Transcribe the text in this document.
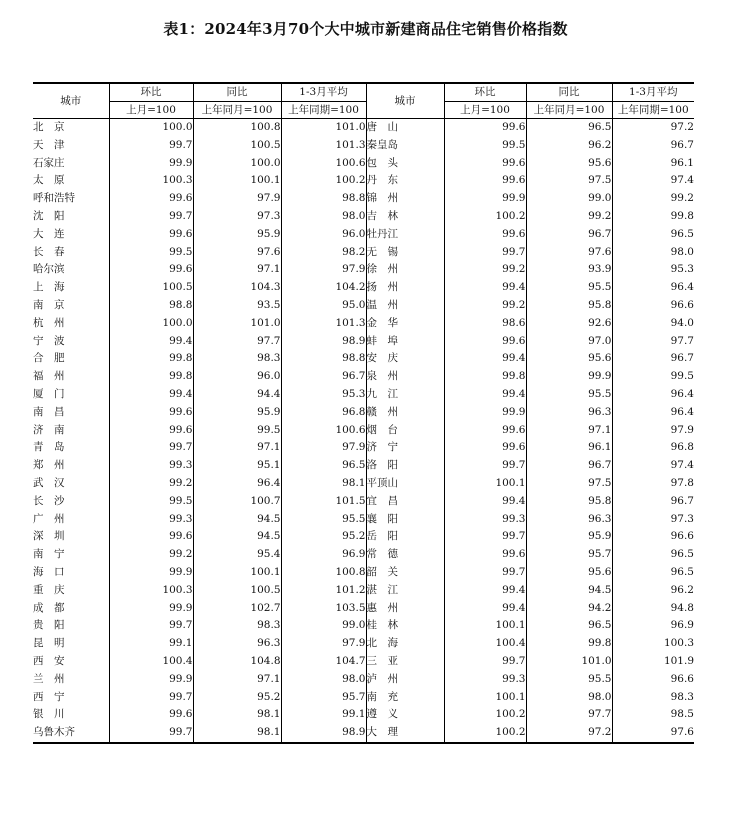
表1：2024年3月70个大中城市新建商品住宅销售价格指数
城市	环比	同比	1-3月平均	城市	环比	同比	1-3月平均
	上月=100	上年同月=100	上年同期=100		上月=100	上年同月=100	上年同期=100
北　京	100.0	100.8	101.0	唐　山	99.6	96.5	97.2
天　津	99.7	100.5	101.3	秦皇岛	99.5	96.2	96.7
石家庄	99.9	100.0	100.6	包　头	99.6	95.6	96.1
太　原	100.3	100.1	100.2	丹　东	99.6	97.5	97.4
呼和浩特	99.6	97.9	98.8	锦　州	99.9	99.0	99.2
沈　阳	99.7	97.3	98.0	吉　林	100.2	99.2	99.8
大　连	99.6	95.9	96.0	牡丹江	99.6	96.7	96.5
长　春	99.5	97.6	98.2	无　锡	99.7	97.6	98.0
哈尔滨	99.6	97.1	97.9	徐　州	99.2	93.9	95.3
上　海	100.5	104.3	104.2	扬　州	99.4	95.5	96.4
南　京	98.8	93.5	95.0	温　州	99.2	95.8	96.6
杭　州	100.0	101.0	101.3	金　华	98.6	92.6	94.0
宁　波	99.4	97.7	98.9	蚌　埠	99.6	97.0	97.7
合　肥	99.8	98.3	98.8	安　庆	99.4	95.6	96.7
福　州	99.8	96.0	96.7	泉　州	99.8	99.9	99.5
厦　门	99.4	94.4	95.3	九　江	99.4	95.5	96.4
南　昌	99.6	95.9	96.8	赣　州	99.9	96.3	96.4
济　南	99.6	99.5	100.6	烟　台	99.6	97.1	97.9
青　岛	99.7	97.1	97.9	济　宁	99.6	96.1	96.8
郑　州	99.3	95.1	96.5	洛　阳	99.7	96.7	97.4
武　汉	99.2	96.4	98.1	平顶山	100.1	97.5	97.8
长　沙	99.5	100.7	101.5	宜　昌	99.4	95.8	96.7
广　州	99.3	94.5	95.5	襄　阳	99.3	96.3	97.3
深　圳	99.6	94.5	95.2	岳　阳	99.7	95.9	96.6
南　宁	99.2	95.4	96.9	常　德	99.6	95.7	96.5
海　口	99.9	100.1	100.8	韶　关	99.7	95.6	96.5
重　庆	100.3	100.5	101.2	湛　江	99.4	94.5	96.2
成　都	99.9	102.7	103.5	惠　州	99.4	94.2	94.8
贵　阳	99.7	98.3	99.0	桂　林	100.1	96.5	96.9
昆　明	99.1	96.3	97.9	北　海	100.4	99.8	100.3
西　安	100.4	104.8	104.7	三　亚	99.7	101.0	101.9
兰　州	99.9	97.1	98.0	泸　州	99.3	95.5	96.6
西　宁	99.7	95.2	95.7	南　充	100.1	98.0	98.3
银　川	99.6	98.1	99.1	遵　义	100.2	97.7	98.5
乌鲁木齐	99.7	98.1	98.9	大　理	100.2	97.2	97.6
